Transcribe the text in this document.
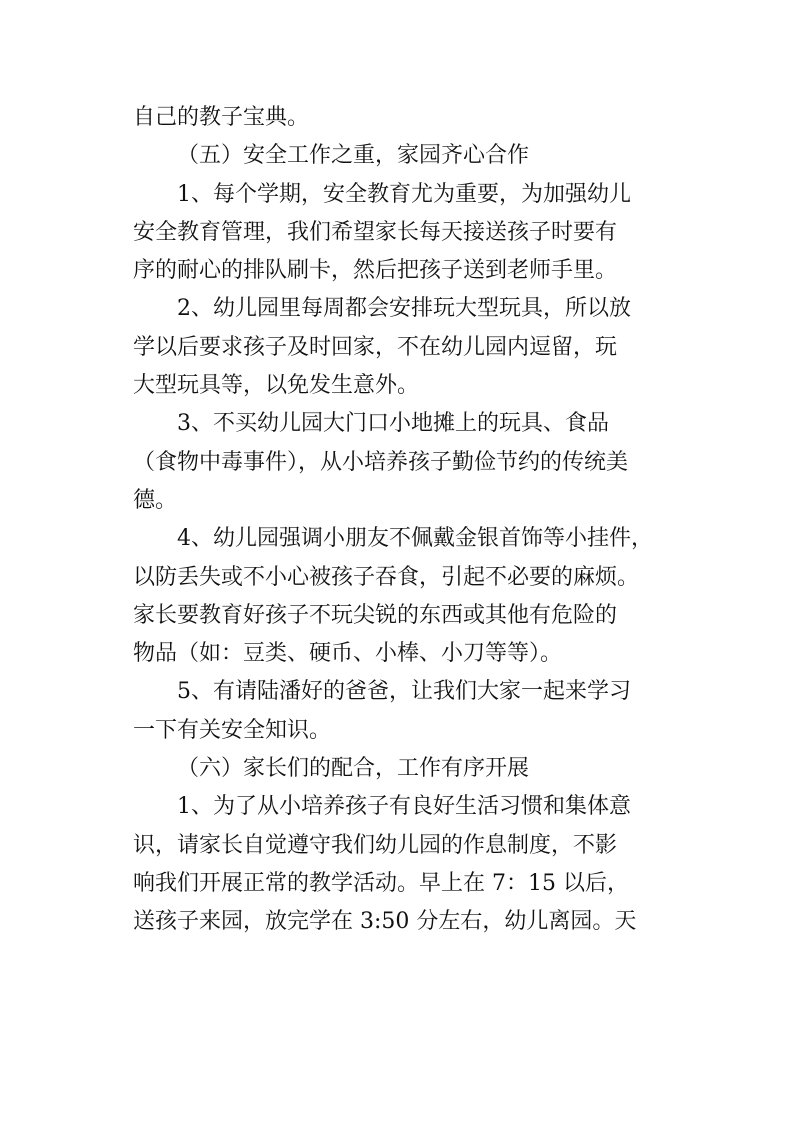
自己的教子宝典。
（五）安全工作之重，家园齐心合作
1、每个学期，安全教育尤为重要，为加强幼儿
安全教育管理，我们希望家长每天接送孩子时要有
序的耐心的排队刷卡，然后把孩子送到老师手里。
2、幼儿园里每周都会安排玩大型玩具，所以放
学以后要求孩子及时回家，不在幼儿园内逗留，玩
大型玩具等，以免发生意外。
3、不买幼儿园大门口小地摊上的玩具、食品
（食物中毒事件），从小培养孩子勤俭节约的传统美
德。
4、幼儿园强调小朋友不佩戴金银首饰等小挂件，
以防丢失或不小心被孩子吞食，引起不必要的麻烦。
家长要教育好孩子不玩尖锐的东西或其他有危险的
物品（如：豆类、硬币、小棒、小刀等等）。
5、有请陆潘好的爸爸，让我们大家一起来学习
一下有关安全知识。
（六）家长们的配合，工作有序开展
1、为了从小培养孩子有良好生活习惯和集体意
识，请家长自觉遵守我们幼儿园的作息制度，不影
响我们开展正常的教学活动。早上在 7：15 以后，
送孩子来园，放完学在 3:50 分左右，幼儿离园。天
